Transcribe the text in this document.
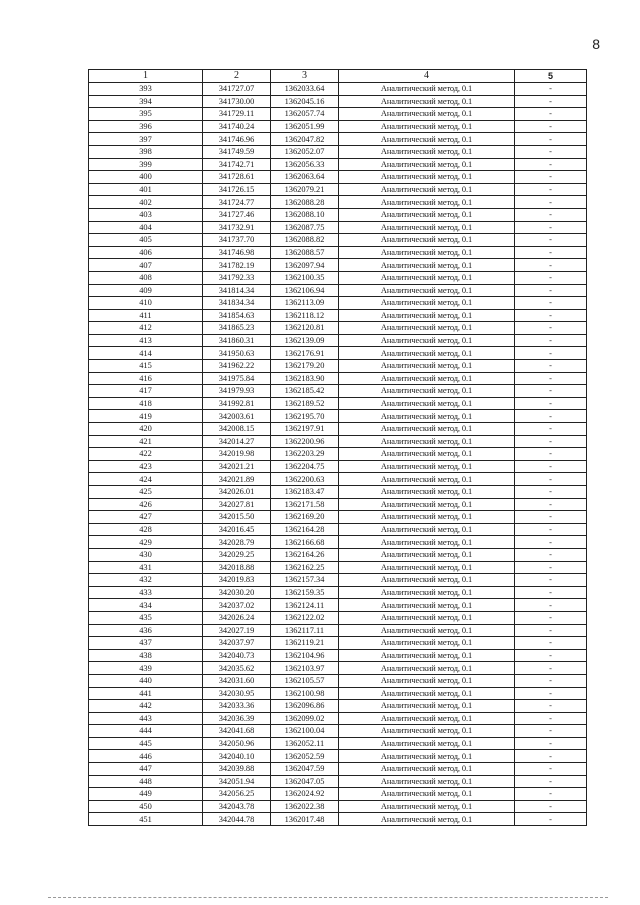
8
1	2	3	4	5
393	341727.07	1362033.64	Аналитический метод, 0.1	-
394	341730.00	1362045.16	Аналитический метод, 0.1	-
395	341729.11	1362057.74	Аналитический метод, 0.1	-
396	341740.24	1362051.99	Аналитический метод, 0.1	-
397	341746.96	1362047.82	Аналитический метод, 0.1	-
398	341749.59	1362052.07	Аналитический метод, 0.1	-
399	341742.71	1362056.33	Аналитический метод, 0.1	-
400	341728.61	1362063.64	Аналитический метод, 0.1	-
401	341726.15	1362079.21	Аналитический метод, 0.1	-
402	341724.77	1362088.28	Аналитический метод, 0.1	-
403	341727.46	1362088.10	Аналитический метод, 0.1	-
404	341732.91	1362087.75	Аналитический метод, 0.1	-
405	341737.70	1362088.82	Аналитический метод, 0.1	-
406	341746.98	1362088.57	Аналитический метод, 0.1	-
407	341782.19	1362097.94	Аналитический метод, 0.1	-
408	341792.33	1362100.35	Аналитический метод, 0.1	-
409	341814.34	1362106.94	Аналитический метод, 0.1	-
410	341834.34	1362113.09	Аналитический метод, 0.1	-
411	341854.63	1362118.12	Аналитический метод, 0.1	-
412	341865.23	1362120.81	Аналитический метод, 0.1	-
413	341860.31	1362139.09	Аналитический метод, 0.1	-
414	341950.63	1362176.91	Аналитический метод, 0.1	-
415	341962.22	1362179.20	Аналитический метод, 0.1	-
416	341975.84	1362183.90	Аналитический метод, 0.1	-
417	341979.93	1362185.42	Аналитический метод, 0.1	-
418	341992.81	1362189.52	Аналитический метод, 0.1	-
419	342003.61	1362195.70	Аналитический метод, 0.1	-
420	342008.15	1362197.91	Аналитический метод, 0.1	-
421	342014.27	1362200.96	Аналитический метод, 0.1	-
422	342019.98	1362203.29	Аналитический метод, 0.1	-
423	342021.21	1362204.75	Аналитический метод, 0.1	-
424	342021.89	1362200.63	Аналитический метод, 0.1	-
425	342026.01	1362183.47	Аналитический метод, 0.1	-
426	342027.81	1362171.58	Аналитический метод, 0.1	-
427	342015.50	1362169.20	Аналитический метод, 0.1	-
428	342016.45	1362164.28	Аналитический метод, 0.1	-
429	342028.79	1362166.68	Аналитический метод, 0.1	-
430	342029.25	1362164.26	Аналитический метод, 0.1	-
431	342018.88	1362162.25	Аналитический метод, 0.1	-
432	342019.83	1362157.34	Аналитический метод, 0.1	-
433	342030.20	1362159.35	Аналитический метод, 0.1	-
434	342037.02	1362124.11	Аналитический метод, 0.1	-
435	342026.24	1362122.02	Аналитический метод, 0.1	-
436	342027.19	1362117.11	Аналитический метод, 0.1	-
437	342037.97	1362119.21	Аналитический метод, 0.1	-
438	342040.73	1362104.96	Аналитический метод, 0.1	-
439	342035.62	1362103.97	Аналитический метод, 0.1	-
440	342031.60	1362105.57	Аналитический метод, 0.1	-
441	342030.95	1362100.98	Аналитический метод, 0.1	-
442	342033.36	1362096.86	Аналитический метод, 0.1	-
443	342036.39	1362099.02	Аналитический метод, 0.1	-
444	342041.68	1362100.04	Аналитический метод, 0.1	-
445	342050.96	1362052.11	Аналитический метод, 0.1	-
446	342040.10	1362052.59	Аналитический метод, 0.1	-
447	342039.88	1362047.59	Аналитический метод, 0.1	-
448	342051.94	1362047.05	Аналитический метод, 0.1	-
449	342056.25	1362024.92	Аналитический метод, 0.1	-
450	342043.78	1362022.38	Аналитический метод, 0.1	-
451	342044.78	1362017.48	Аналитический метод, 0.1	-
